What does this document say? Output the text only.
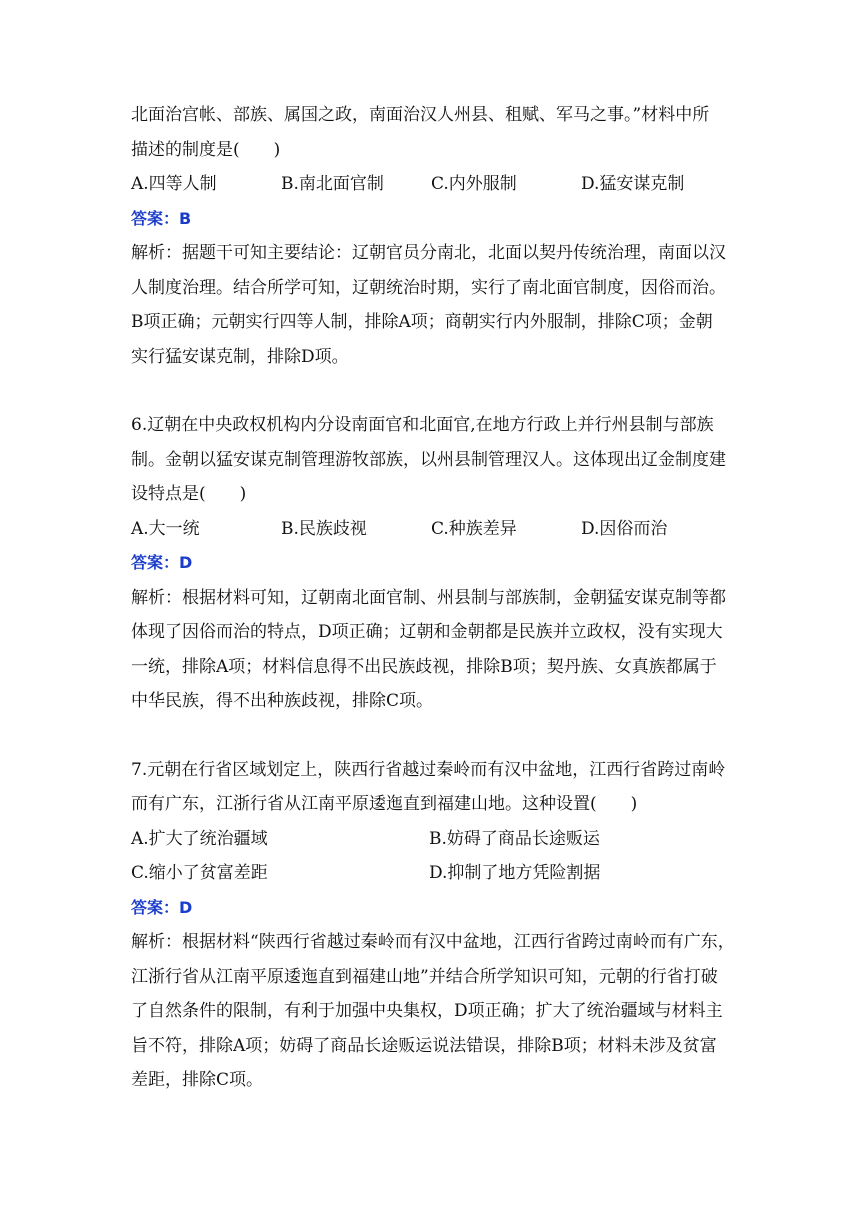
北面治宫帐、部族、属国之政，南面治汉人州县、租赋、军马之事。”材料中所
描述的制度是(　　)
A.四等人制	B.南北面官制	C.内外服制	D.猛安谋克制
答案：B
解析：据题干可知主要结论：辽朝官员分南北，北面以契丹传统治理，南面以汉
人制度治理。结合所学可知，辽朝统治时期，实行了南北面官制度，因俗而治。
B项正确；元朝实行四等人制，排除A项；商朝实行内外服制，排除C项；金朝
实行猛安谋克制，排除D项。
6.辽朝在中央政权机构内分设南面官和北面官,在地方行政上并行州县制与部族
制。金朝以猛安谋克制管理游牧部族，以州县制管理汉人。这体现出辽金制度建
设特点是(　　)
A.大一统	B.民族歧视	C.种族差异	D.因俗而治
答案：D
解析：根据材料可知，辽朝南北面官制、州县制与部族制，金朝猛安谋克制等都
体现了因俗而治的特点，D项正确；辽朝和金朝都是民族并立政权，没有实现大
一统，排除A项；材料信息得不出民族歧视，排除B项；契丹族、女真族都属于
中华民族，得不出种族歧视，排除C项。
7.元朝在行省区域划定上，陕西行省越过秦岭而有汉中盆地，江西行省跨过南岭
而有广东，江浙行省从江南平原逶迤直到福建山地。这种设置(　　)
A.扩大了统治疆域	B.妨碍了商品长途贩运
C.缩小了贫富差距	D.抑制了地方凭险割据
答案：D
解析：根据材料“陕西行省越过秦岭而有汉中盆地，江西行省跨过南岭而有广东，
江浙行省从江南平原逶迤直到福建山地”并结合所学知识可知，元朝的行省打破
了自然条件的限制，有利于加强中央集权，D项正确；扩大了统治疆域与材料主
旨不符，排除A项；妨碍了商品长途贩运说法错误，排除B项；材料未涉及贫富
差距，排除C项。
